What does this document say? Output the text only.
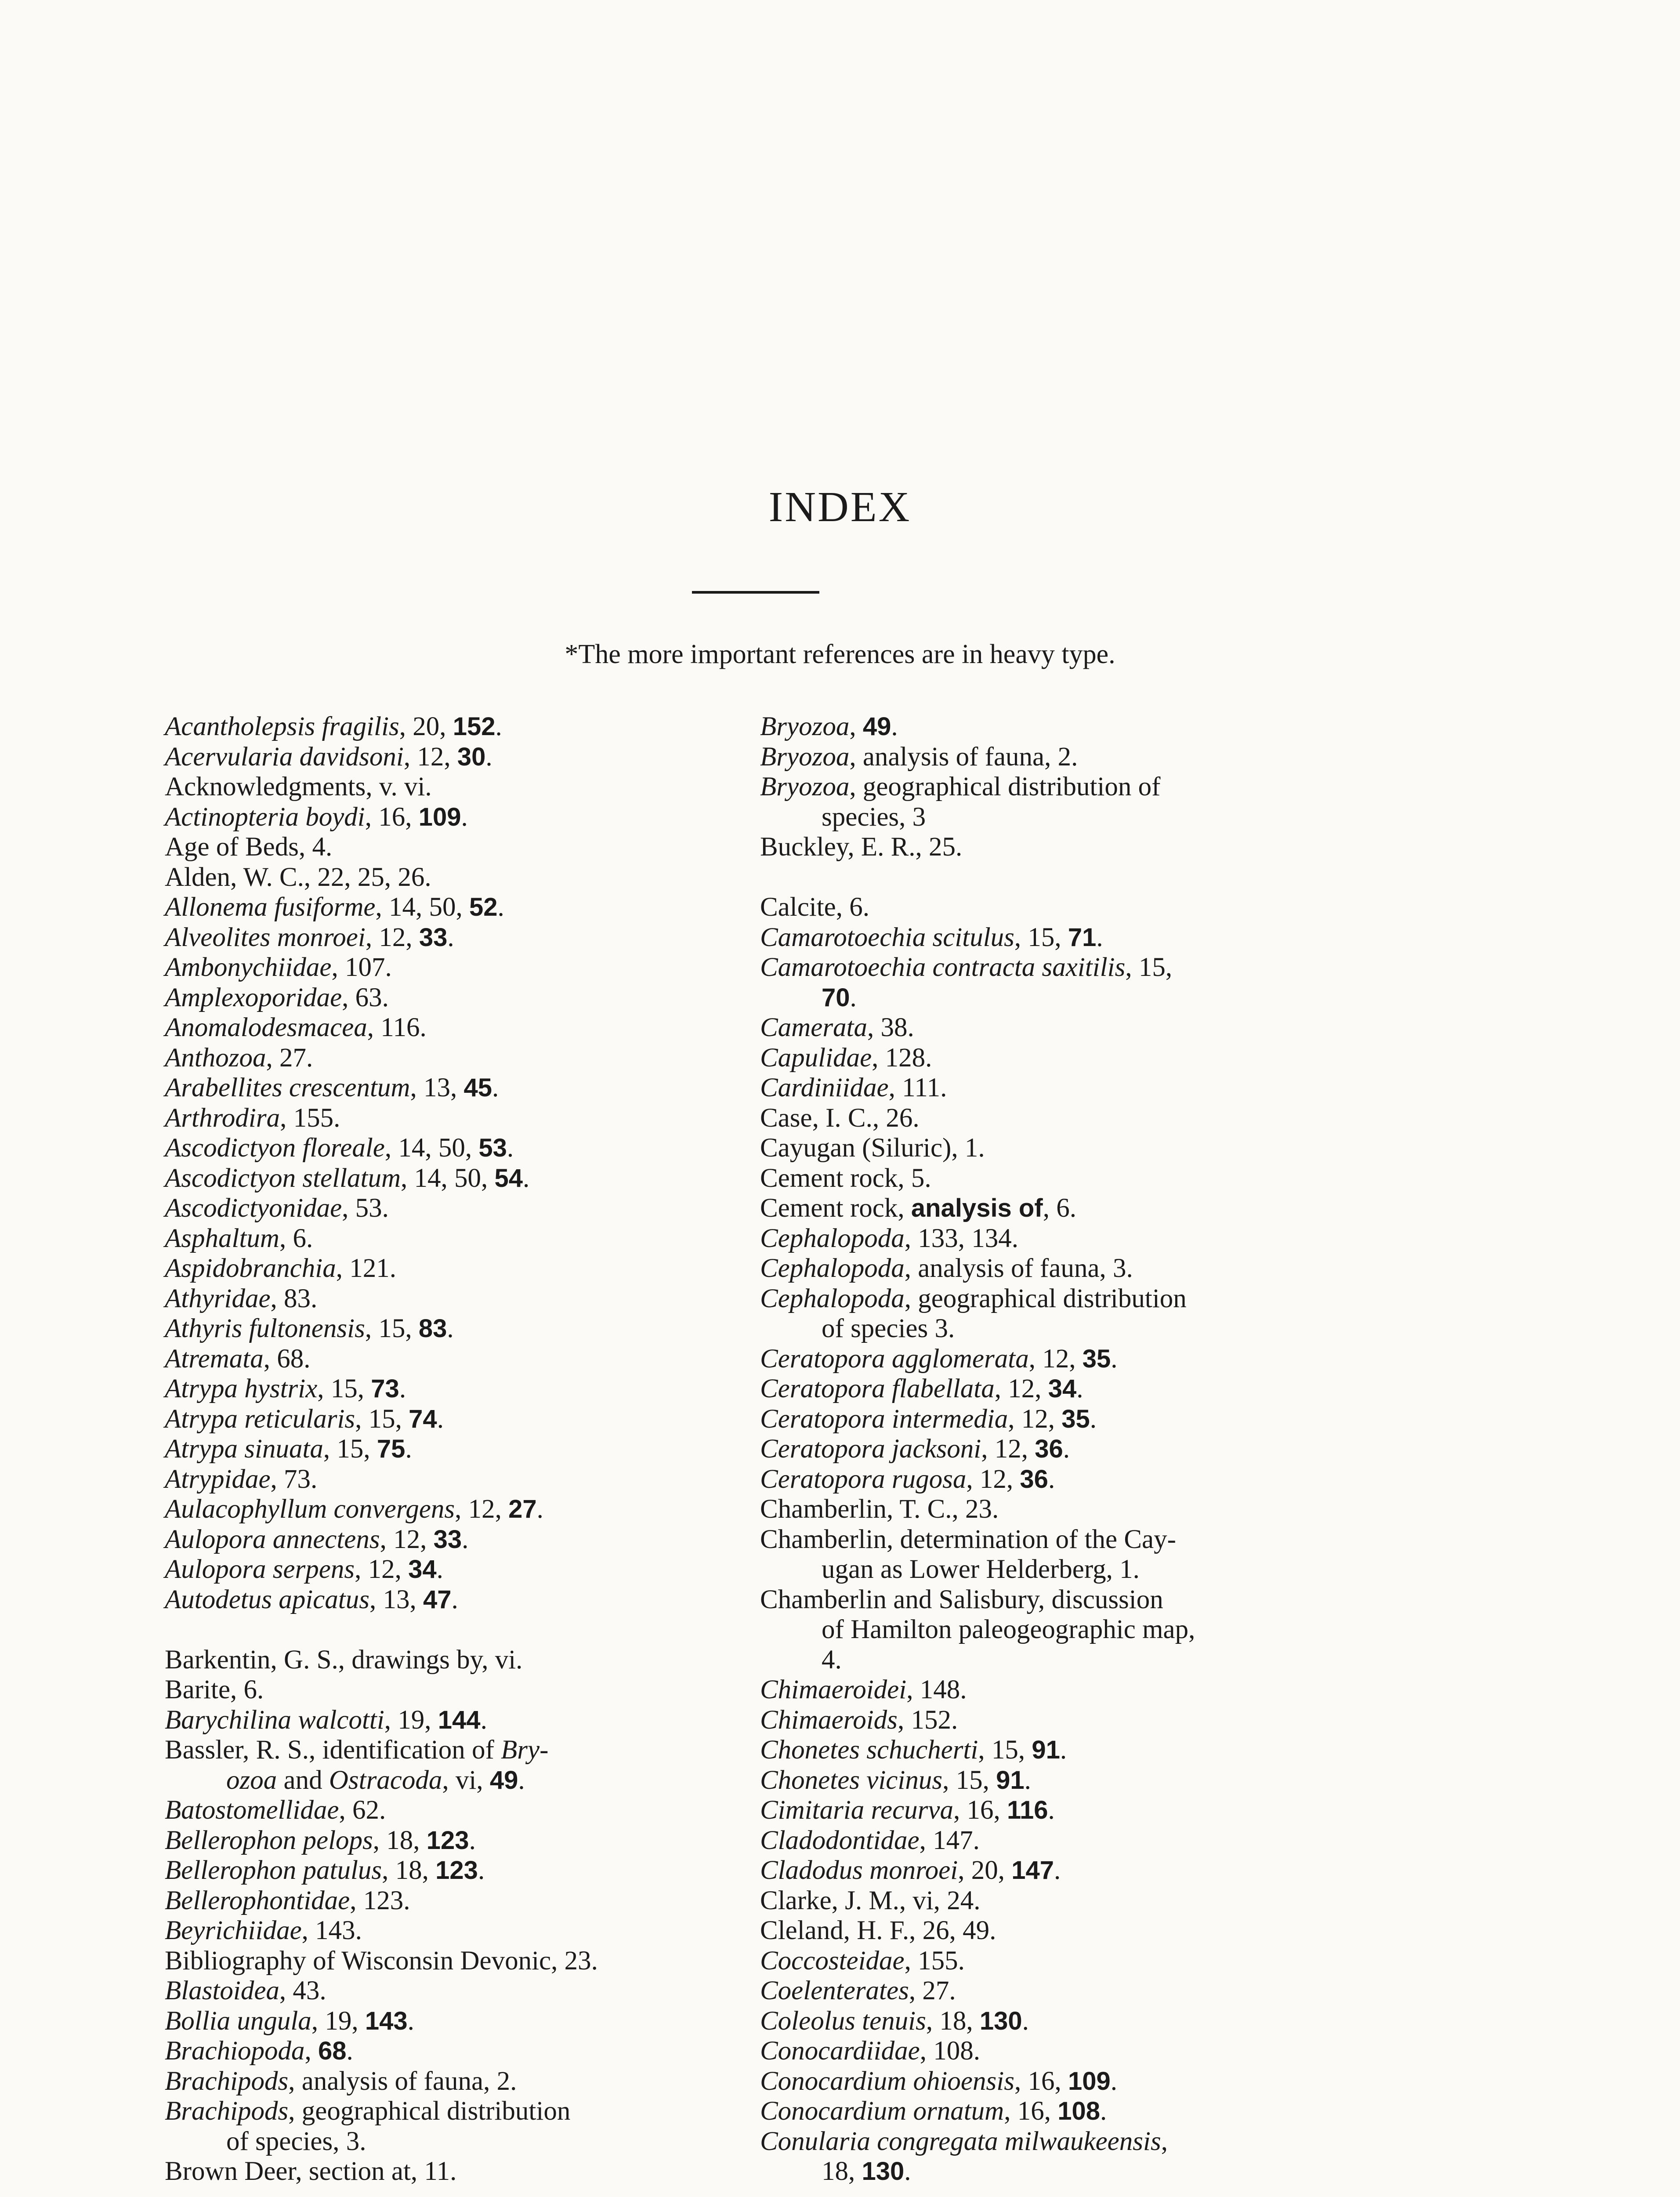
INDEX
*The more important references are in heavy type.
Acantholepsis fragilis, 20, 152.
Acervularia davidsoni, 12, 30.
Acknowledgments, v. vi.
Actinopteria boydi, 16, 109.
Age of Beds, 4.
Alden, W. C., 22, 25, 26.
Allonema fusiforme, 14, 50, 52.
Alveolites monroei, 12, 33.
Ambonychiidae, 107.
Amplexoporidae, 63.
Anomalodesmacea, 116.
Anthozoa, 27.
Arabellites crescentum, 13, 45.
Arthrodira, 155.
Ascodictyon floreale, 14, 50, 53.
Ascodictyon stellatum, 14, 50, 54.
Ascodictyonidae, 53.
Asphaltum, 6.
Aspidobranchia, 121.
Athyridae, 83.
Athyris fultonensis, 15, 83.
Atremata, 68.
Atrypa hystrix, 15, 73.
Atrypa reticularis, 15, 74.
Atrypa sinuata, 15, 75.
Atrypidae, 73.
Aulacophyllum convergens, 12, 27.
Aulopora annectens, 12, 33.
Aulopora serpens, 12, 34.
Autodetus apicatus, 13, 47.
Barkentin, G. S., drawings by, vi.
Barite, 6.
Barychilina walcotti, 19, 144.
Bassler, R. S., identification of Bry-
ozoa and Ostracoda, vi, 49.
Batostomellidae, 62.
Bellerophon pelops, 18, 123.
Bellerophon patulus, 18, 123.
Bellerophontidae, 123.
Beyrichiidae, 143.
Bibliography of Wisconsin Devonic, 23.
Blastoidea, 43.
Bollia ungula, 19, 143.
Brachiopoda, 68.
Brachipods, analysis of fauna, 2.
Brachipods, geographical distribution
of species, 3.
Brown Deer, section at, 11.
Bryozoa, 49.
Bryozoa, analysis of fauna, 2.
Bryozoa, geographical distribution of
species, 3
Buckley, E. R., 25.
Calcite, 6.
Camarotoechia scitulus, 15, 71.
Camarotoechia contracta saxitilis, 15,
70.
Camerata, 38.
Capulidae, 128.
Cardiniidae, 111.
Case, I. C., 26.
Cayugan (Siluric), 1.
Cement rock, 5.
Cement rock, analysis of, 6.
Cephalopoda, 133, 134.
Cephalopoda, analysis of fauna, 3.
Cephalopoda, geographical distribution
of species 3.
Ceratopora agglomerata, 12, 35.
Ceratopora flabellata, 12, 34.
Ceratopora intermedia, 12, 35.
Ceratopora jacksoni, 12, 36.
Ceratopora rugosa, 12, 36.
Chamberlin, T. C., 23.
Chamberlin, determination of the Cay-
ugan as Lower Helderberg, 1.
Chamberlin and Salisbury, discussion
of Hamilton paleogeographic map,
4.
Chimaeroidei, 148.
Chimaeroids, 152.
Chonetes schucherti, 15, 91.
Chonetes vicinus, 15, 91.
Cimitaria recurva, 16, 116.
Cladodontidae, 147.
Cladodus monroei, 20, 147.
Clarke, J. M., vi, 24.
Cleland, H. F., 26, 49.
Coccosteidae, 155.
Coelenterates, 27.
Coleolus tenuis, 18, 130.
Conocardiidae, 108.
Conocardium ohioensis, 16, 109.
Conocardium ornatum, 16, 108.
Conularia congregata milwaukeensis,
18, 130.
